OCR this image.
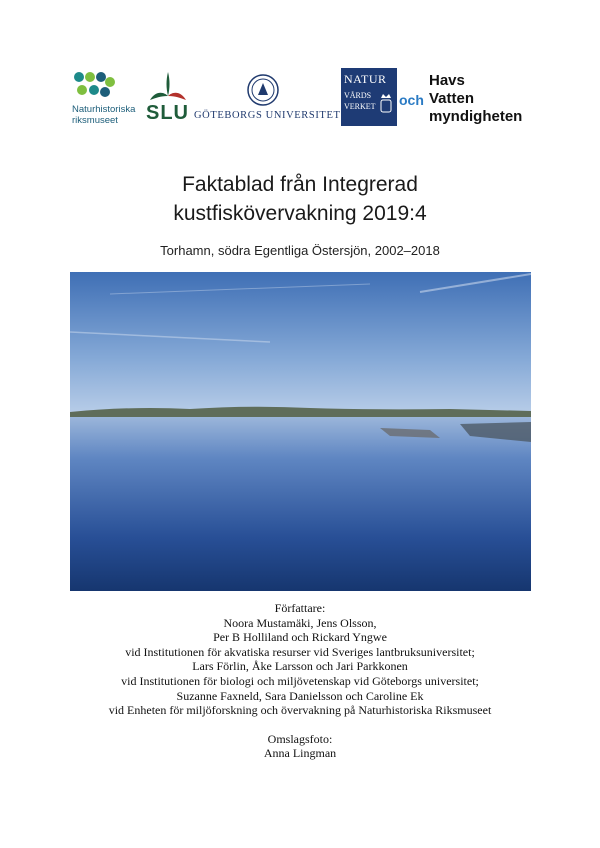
Naturhistoriska riksmuseet	SLU GÖTEBORGS UNIVERSITET
NATUR
VÅRDS
VERKET och
Havs
Vatten
myndigheten
Faktablad från Integrerad
kustfiskövervakning 2019:4

Torhamn, södra Egentliga Östersjön, 2002–2018

Författare:
Noora Mustamäki, Jens Olsson,
Per B Holliland och Rickard Yngwe
vid Institutionen för akvatiska resurser vid Sveriges lantbruksuniversitet;
Lars Förlin, Åke Larsson och Jari Parkkonen
vid Institutionen för biologi och miljövetenskap vid Göteborgs universitet;
Suzanne Faxneld, Sara Danielsson och Caroline Ek
vid Enheten för miljöforskning och övervakning på Naturhistoriska Riksmuseet
Omslagsfoto:
Anna Lingman
